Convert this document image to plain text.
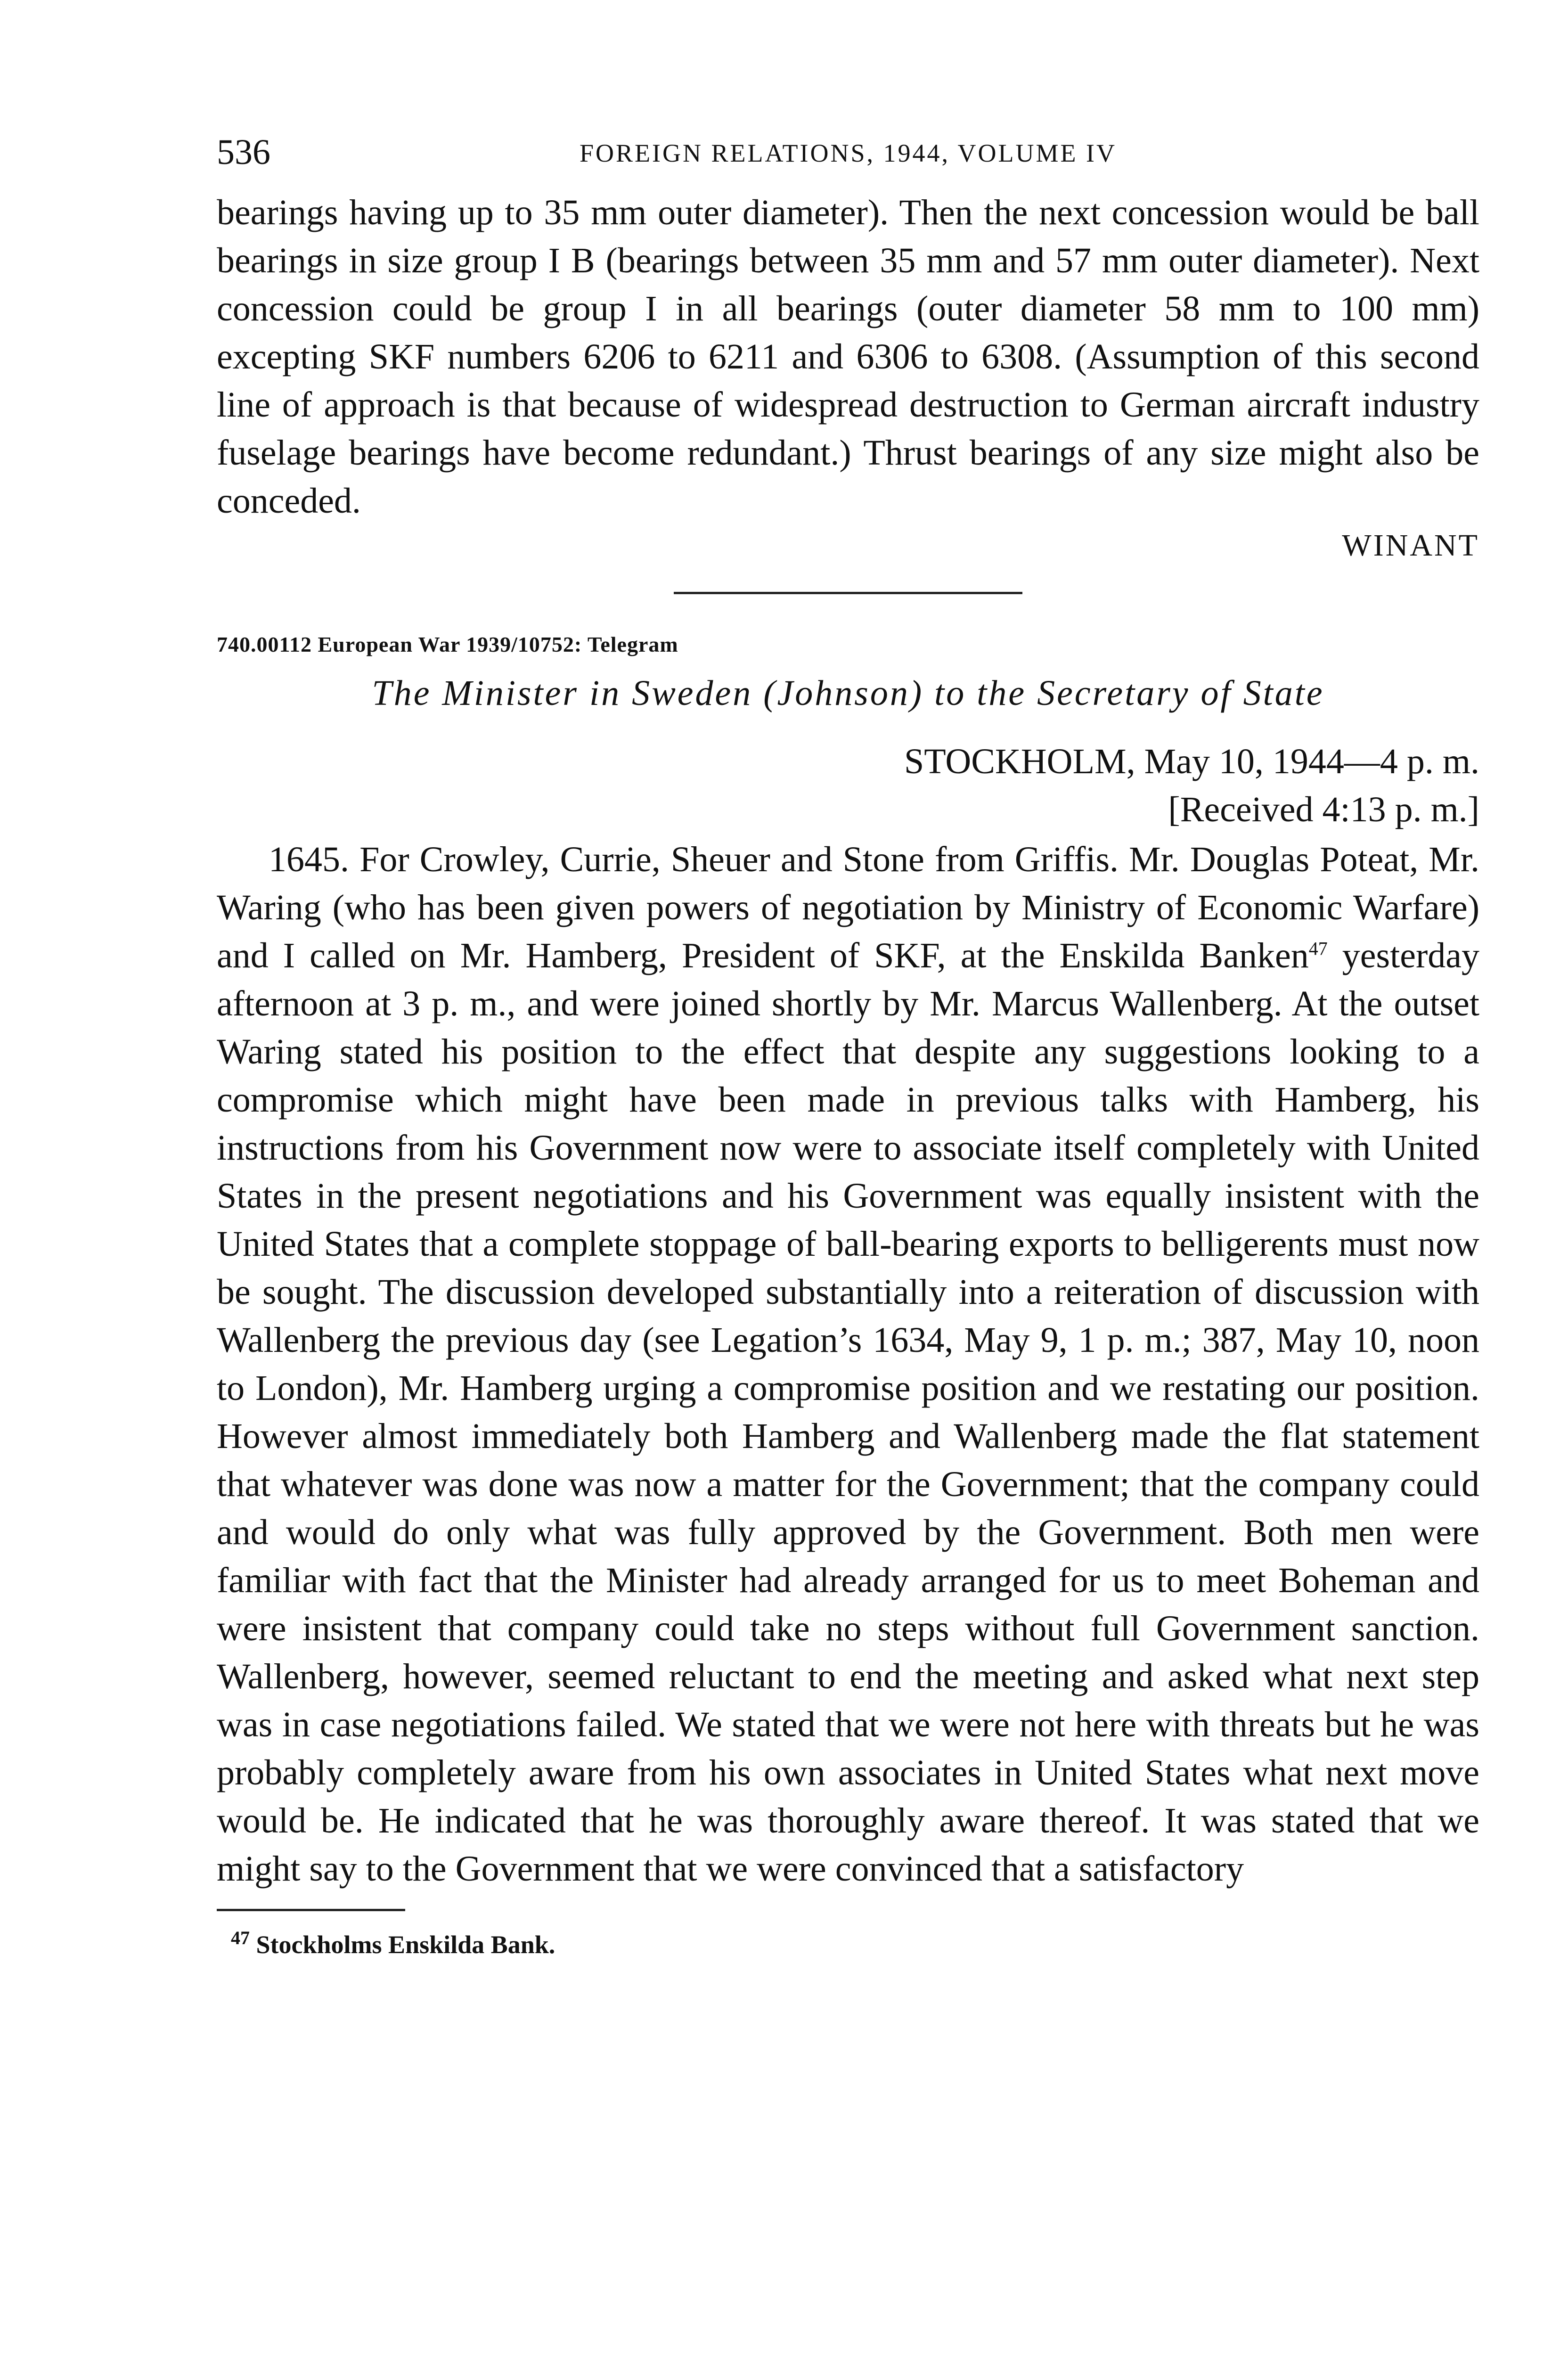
536	FOREIGN RELATIONS, 1944, VOLUME IV

bearings having up to 35 mm outer diameter). Then the next concession would be ball bearings in size group I B (bearings between 35 mm and 57 mm outer diameter). Next concession could be group I in all bearings (outer diameter 58 mm to 100 mm) excepting SKF numbers 6206 to 6211 and 6306 to 6308. (Assumption of this second line of approach is that because of widespread destruction to German aircraft industry fuselage bearings have become redundant.) Thrust bearings of any size might also be conceded.

WINANT
740.00112 European War 1939/10752: Telegram
The Minister in Sweden (Johnson) to the Secretary of State
STOCKHOLM, May 10, 1944—4 p. m.
[Received 4:13 p. m.]

1645. For Crowley, Currie, Sheuer and Stone from Griffis. Mr. Douglas Poteat, Mr. Waring (who has been given powers of negotiation by Ministry of Economic Warfare) and I called on Mr. Hamberg, President of SKF, at the Enskilda Banken$^{47}$ yesterday afternoon at 3 p. m., and were joined shortly by Mr. Marcus Wallenberg. At the outset Waring stated his position to the effect that despite any suggestions looking to a compromise which might have been made in previous talks with Hamberg, his instructions from his Government now were to associate itself completely with United States in the present negotiations and his Government was equally insistent with the United States that a complete stoppage of ball-bearing exports to belligerents must now be sought. The discussion developed substantially into a reiteration of discussion with Wallenberg the previous day (see Legation’s 1634, May 9, 1 p. m.; 387, May 10, noon to London), Mr. Hamberg urging a compromise position and we restating our position. However almost immediately both Hamberg and Wallenberg made the flat statement that whatever was done was now a matter for the Government; that the company could and would do only what was fully approved by the Government. Both men were familiar with fact that the Minister had already arranged for us to meet Boheman and were insistent that company could take no steps without full Government sanction. Wallenberg, however, seemed reluctant to end the meeting and asked what next step was in case negotiations failed. We stated that we were not here with threats but he was probably completely aware from his own associates in United States what next move would be. He indicated that he was thoroughly aware thereof. It was stated that we might say to the Government that we were convinced that a satisfactory

$^{47}$ Stockholms Enskilda Bank.
